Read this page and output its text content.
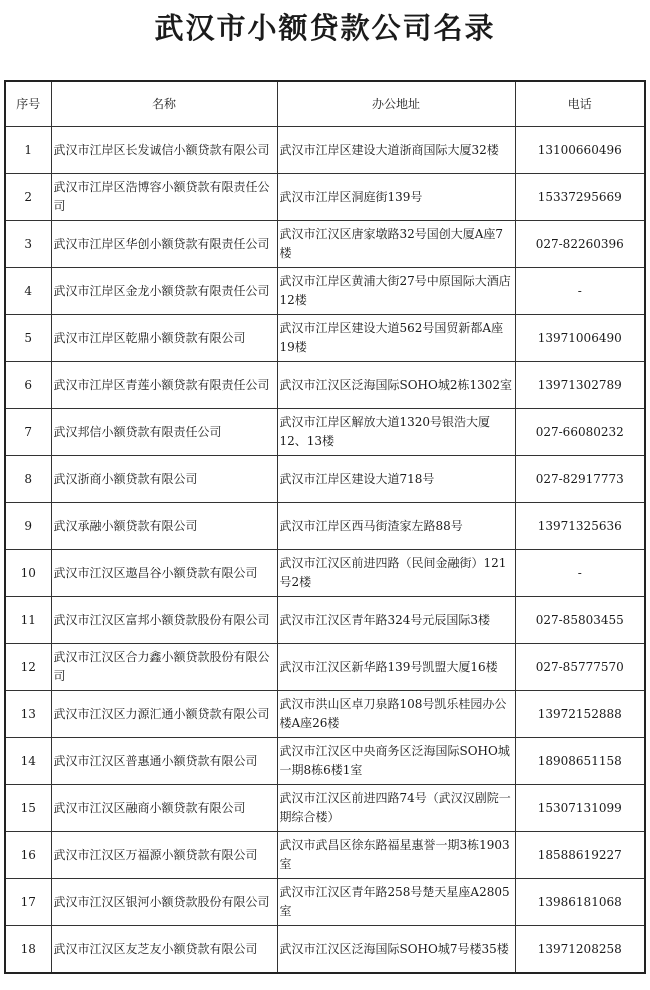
武汉市小额贷款公司名录
序号	名称	办公地址	电话
1	武汉市江岸区长发诚信小额贷款有限公司	武汉市江岸区建设大道浙商国际大厦32楼	13100660496
2	武汉市江岸区浩博容小额贷款有限责任公司	武汉市江岸区洞庭街139号	15337295669
3	武汉市江岸区华创小额贷款有限责任公司	武汉市江汉区唐家墩路32号国创大厦A座7楼	027-82260396
4	武汉市江岸区金龙小额贷款有限责任公司	武汉市江岸区黄浦大街27号中原国际大酒店12楼	-
5	武汉市江岸区乾鼎小额贷款有限公司	武汉市江岸区建设大道562号国贸新都A座19楼	13971006490
6	武汉市江岸区青莲小额贷款有限责任公司	武汉市江汉区泛海国际SOHO城2栋1302室	13971302789
7	武汉邦信小额贷款有限责任公司	武汉市江岸区解放大道1320号银浩大厦12、13楼	027-66080232
8	武汉浙商小额贷款有限公司	武汉市江岸区建设大道718号	027-82917773
9	武汉承融小额贷款有限公司	武汉市江岸区西马街渣家左路88号	13971325636
10	武汉市江汉区遨昌谷小额贷款有限公司	武汉市江汉区前进四路（民间金融街）121号2楼	-
11	武汉市江汉区富邦小额贷款股份有限公司	武汉市江汉区青年路324号元辰国际3楼	027-85803455
12	武汉市江汉区合力鑫小额贷款股份有限公司	武汉市江汉区新华路139号凯盟大厦16楼	027-85777570
13	武汉市江汉区力源汇通小额贷款有限公司	武汉市洪山区卓刀泉路108号凯乐桂园办公楼A座26楼	13972152888
14	武汉市江汉区普惠通小额贷款有限公司	武汉市江汉区中央商务区泛海国际SOHO城一期8栋6楼1室	18908651158
15	武汉市江汉区融商小额贷款有限公司	武汉市江汉区前进四路74号（武汉汉剧院一期综合楼）	15307131099
16	武汉市江汉区万福源小额贷款有限公司	武汉市武昌区徐东路福星惠誉一期3栋1903室	18588619227
17	武汉市江汉区银河小额贷款股份有限公司	武汉市江汉区青年路258号楚天星座A2805室	13986181068
18	武汉市江汉区友芝友小额贷款有限公司	武汉市江汉区泛海国际SOHO城7号楼35楼	13971208258
